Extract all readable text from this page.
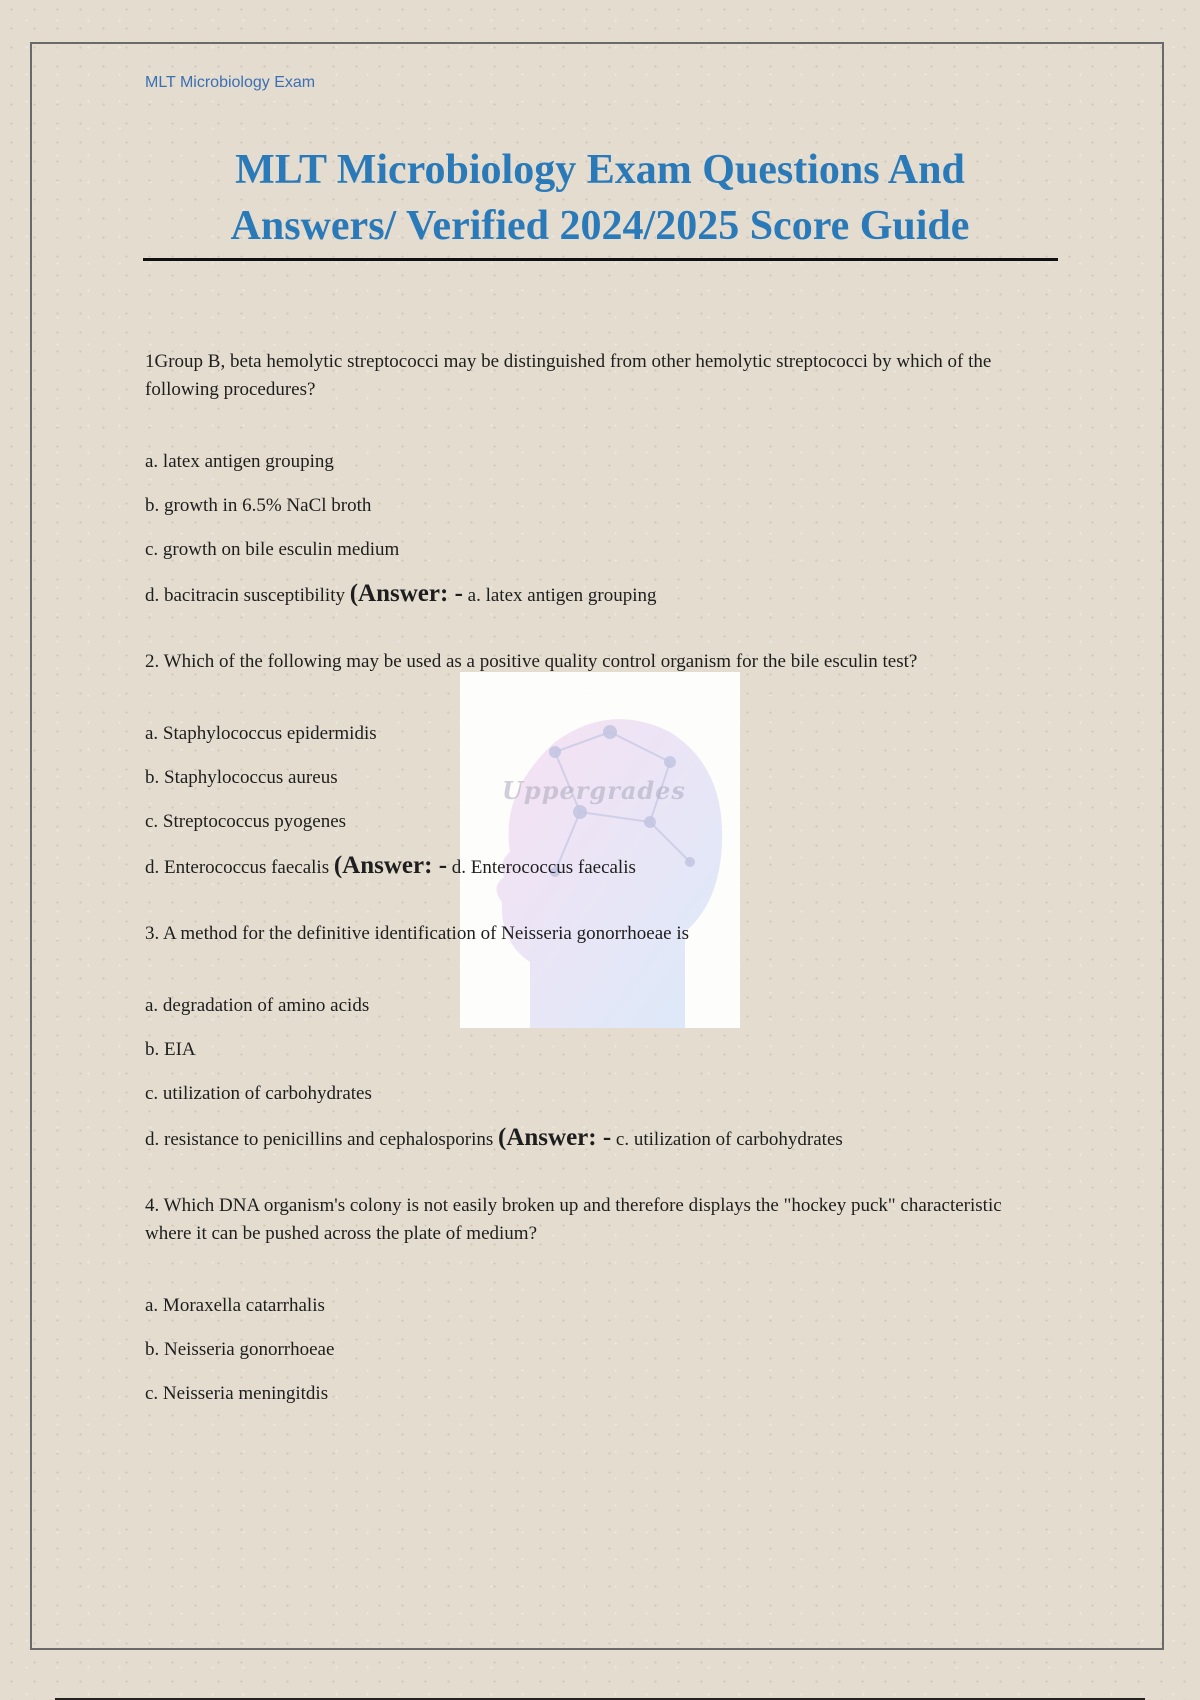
MLT Microbiology Exam
MLT Microbiology Exam Questions And
Answers/ Verified 2024/2025 Score Guide
Uppergrades

1Group B, beta hemolytic streptococci may be distinguished from other hemolytic streptococci by which of the following procedures?

a. latex antigen grouping

b. growth in 6.5% NaCl broth

c. growth on bile esculin medium

d. bacitracin susceptibility (Answer: - a. latex antigen grouping

2. Which of the following may be used as a positive quality control organism for the bile esculin test?

a. Staphylococcus epidermidis

b. Staphylococcus aureus

c. Streptococcus pyogenes

d. Enterococcus faecalis (Answer: - d. Enterococcus faecalis

3. A method for the definitive identification of Neisseria gonorrhoeae is

a. degradation of amino acids

b. EIA

c. utilization of carbohydrates

d. resistance to penicillins and cephalosporins (Answer: - c. utilization of carbohydrates

4. Which DNA organism's colony is not easily broken up and therefore displays the "hockey puck" characteristic where it can be pushed across the plate of medium?

a. Moraxella catarrhalis

b. Neisseria gonorrhoeae

c. Neisseria meningitdis
